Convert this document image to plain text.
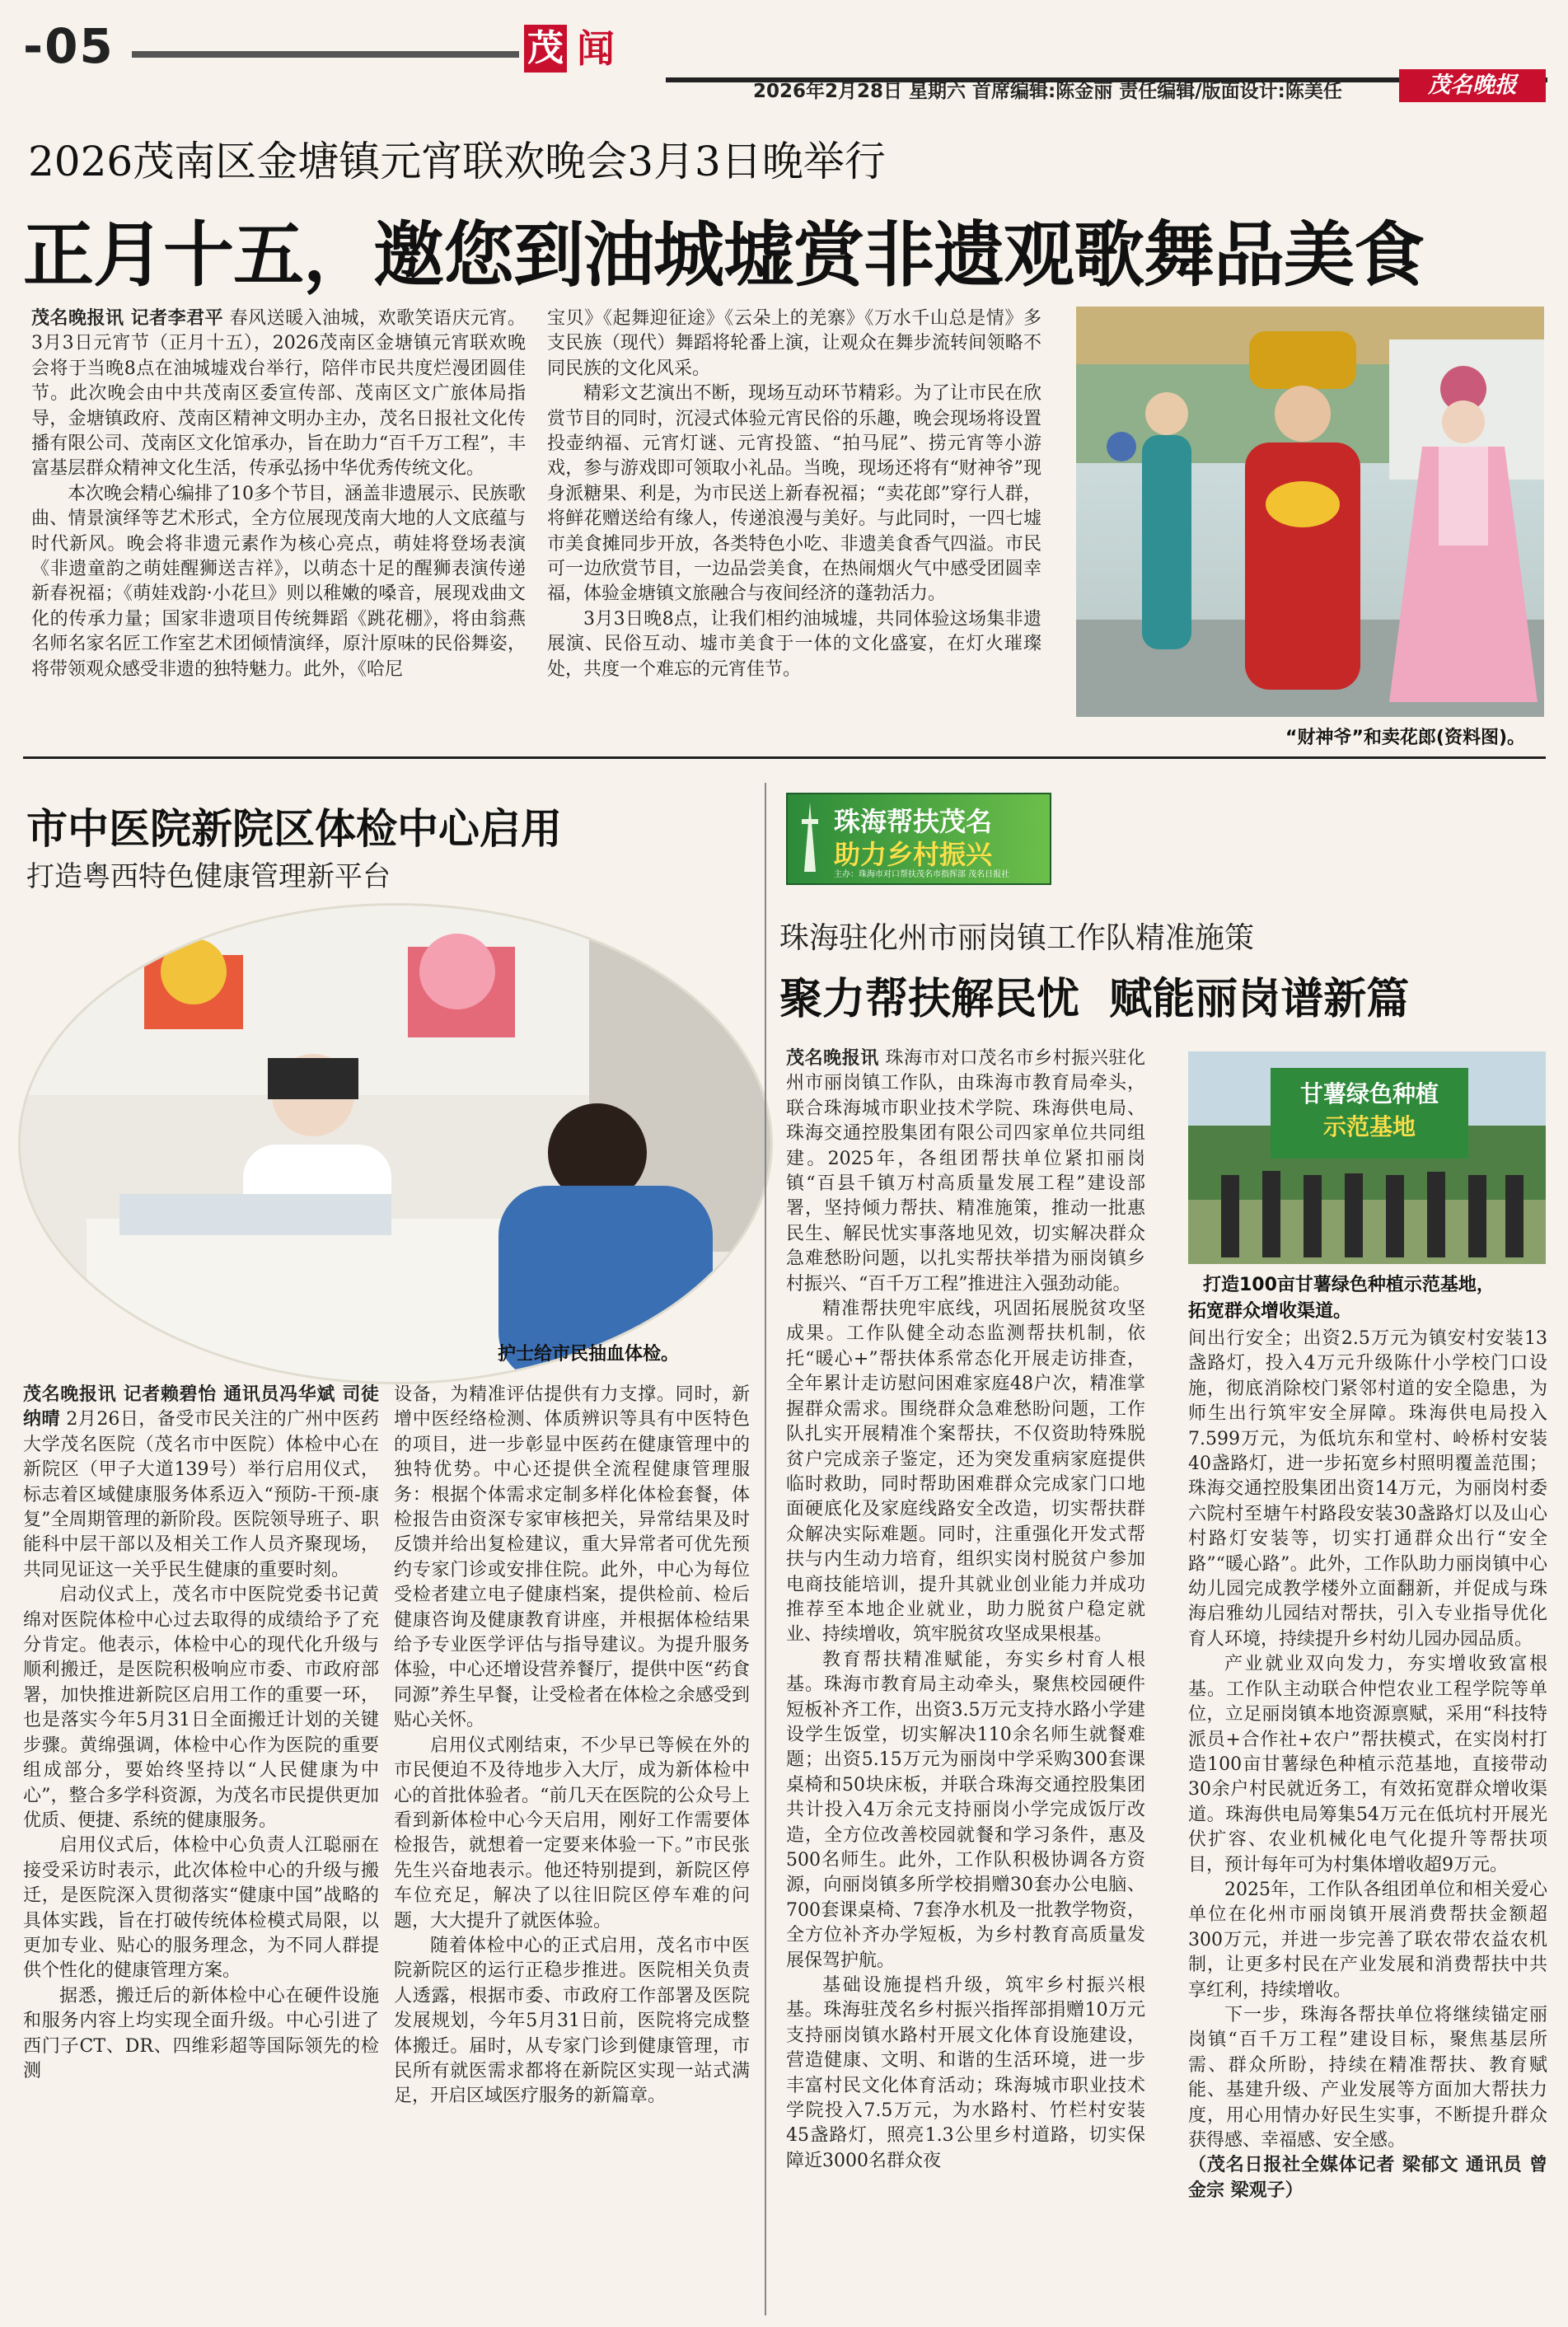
-05	茂 闻
2026年2月28日 星期六 首席编辑:陈金丽 责任编辑/版面设计:陈美任	茂名晚报
2026茂南区金塘镇元宵联欢晚会3月3日晚举行
正月十五，邀您到油城墟赏非遗观歌舞品美食

茂名晚报讯 记者李君平 春风送暖入油城，欢歌笑语庆元宵。3月3日元宵节（正月十五），2026茂南区金塘镇元宵联欢晚会将于当晚8点在油城墟戏台举行，陪伴市民共度烂漫团圆佳节。此次晚会由中共茂南区委宣传部、茂南区文广旅体局指导，金塘镇政府、茂南区精神文明办主办，茂名日报社文化传播有限公司、茂南区文化馆承办，旨在助力“百千万工程”，丰富基层群众精神文化生活，传承弘扬中华优秀传统文化。

本次晚会精心编排了10多个节目，涵盖非遗展示、民族歌曲、情景演绎等艺术形式，全方位展现茂南大地的人文底蕴与时代新风。晚会将非遗元素作为核心亮点，萌娃将登场表演《非遗童韵之萌娃醒狮送吉祥》，以萌态十足的醒狮表演传递新春祝福；《萌娃戏韵·小花旦》则以稚嫩的嗓音，展现戏曲文化的传承力量；国家非遗项目传统舞蹈《跳花棚》，将由翁燕名师名家名匠工作室艺术团倾情演绎，原汁原味的民俗舞姿，将带领观众感受非遗的独特魅力。此外，《哈尼

宝贝》《起舞迎征途》《云朵上的羌寨》《万水千山总是情》多支民族（现代）舞蹈将轮番上演，让观众在舞步流转间领略不同民族的文化风采。

精彩文艺演出不断，现场互动环节精彩。为了让市民在欣赏节目的同时，沉浸式体验元宵民俗的乐趣，晚会现场将设置投壶纳福、元宵灯谜、元宵投篮、“拍马屁”、捞元宵等小游戏，参与游戏即可领取小礼品。当晚，现场还将有“财神爷”现身派糖果、利是，为市民送上新春祝福；“卖花郎”穿行人群，将鲜花赠送给有缘人，传递浪漫与美好。与此同时，一四七墟市美食摊同步开放，各类特色小吃、非遗美食香气四溢。市民可一边欣赏节目，一边品尝美食，在热闹烟火气中感受团圆幸福，体验金塘镇文旅融合与夜间经济的蓬勃活力。

3月3日晚8点，让我们相约油城墟，共同体验这场集非遗展演、民俗互动、墟市美食于一体的文化盛宴，在灯火璀璨处，共度一个难忘的元宵佳节。

“财神爷”和卖花郎(资料图)。
市中医院新院区体检中心启用
打造粤西特色健康管理新平台
护士给市民抽血体检。

茂名晚报讯 记者赖碧怡 通讯员冯华斌 司徒纳晴 2月26日，备受市民关注的广州中医药大学茂名医院（茂名市中医院）体检中心在新院区（甲子大道139号）举行启用仪式，标志着区域健康服务体系迈入“预防-干预-康复”全周期管理的新阶段。医院领导班子、职能科中层干部以及相关工作人员齐聚现场，共同见证这一关乎民生健康的重要时刻。

启动仪式上，茂名市中医院党委书记黄绵对医院体检中心过去取得的成绩给予了充分肯定。他表示，体检中心的现代化升级与顺利搬迁，是医院积极响应市委、市政府部署，加快推进新院区启用工作的重要一环，也是落实今年5月31日全面搬迁计划的关键步骤。黄绵强调，体检中心作为医院的重要组成部分，要始终坚持以“人民健康为中心”，整合多学科资源，为茂名市民提供更加优质、便捷、系统的健康服务。

启用仪式后，体检中心负责人江聪丽在接受采访时表示，此次体检中心的升级与搬迁，是医院深入贯彻落实“健康中国”战略的具体实践，旨在打破传统体检模式局限，以更加专业、贴心的服务理念，为不同人群提供个性化的健康管理方案。

据悉，搬迁后的新体检中心在硬件设施和服务内容上均实现全面升级。中心引进了西门子CT、DR、四维彩超等国际领先的检测

设备，为精准评估提供有力支撑。同时，新增中医经络检测、体质辨识等具有中医特色的项目，进一步彰显中医药在健康管理中的独特优势。中心还提供全流程健康管理服务：根据个体需求定制多样化体检套餐，体检报告由资深专家审核把关，异常结果及时反馈并给出复检建议，重大异常者可优先预约专家门诊或安排住院。此外，中心为每位受检者建立电子健康档案，提供检前、检后健康咨询及健康教育讲座，并根据体检结果给予专业医学评估与指导建议。为提升服务体验，中心还增设营养餐厅，提供中医“药食同源”养生早餐，让受检者在体检之余感受到贴心关怀。

启用仪式刚结束，不少早已等候在外的市民便迫不及待地步入大厅，成为新体检中心的首批体验者。“前几天在医院的公众号上看到新体检中心今天启用，刚好工作需要体检报告，就想着一定要来体验一下。”市民张先生兴奋地表示。他还特别提到，新院区停车位充足，解决了以往旧院区停车难的问题，大大提升了就医体验。

随着体检中心的正式启用，茂名市中医院新院区的运行正稳步推进。医院相关负责人透露，根据市委、市政府工作部署及医院发展规划，今年5月31日前，医院将完成整体搬迁。届时，从专家门诊到健康管理，市民所有就医需求都将在新院区实现一站式满足，开启区域医疗服务的新篇章。

珠海帮扶茂名
助力乡村振兴
主办：珠海市对口帮扶茂名市指挥部 茂名日报社
珠海驻化州市丽岗镇工作队精准施策
聚力帮扶解民忧  赋能丽岗谱新篇

茂名晚报讯 珠海市对口茂名市乡村振兴驻化州市丽岗镇工作队，由珠海市教育局牵头，联合珠海城市职业技术学院、珠海供电局、珠海交通控股集团有限公司四家单位共同组建。2025年，各组团帮扶单位紧扣丽岗镇“百县千镇万村高质量发展工程”建设部署，坚持倾力帮扶、精准施策，推动一批惠民生、解民忧实事落地见效，切实解决群众急难愁盼问题，以扎实帮扶举措为丽岗镇乡村振兴、“百千万工程”推进注入强劲动能。

精准帮扶兜牢底线，巩固拓展脱贫攻坚成果。工作队健全动态监测帮扶机制，依托“暖心+”帮扶体系常态化开展走访排查，全年累计走访慰问困难家庭48户次，精准掌握群众需求。围绕群众急难愁盼问题，工作队扎实开展精准个案帮扶，不仅资助特殊脱贫户完成亲子鉴定，还为突发重病家庭提供临时救助，同时帮助困难群众完成家门口地面硬底化及家庭线路安全改造，切实帮扶群众解决实际难题。同时，注重强化开发式帮扶与内生动力培育，组织实岗村脱贫户参加电商技能培训，提升其就业创业能力并成功推荐至本地企业就业，助力脱贫户稳定就业、持续增收，筑牢脱贫攻坚成果根基。

教育帮扶精准赋能，夯实乡村育人根基。珠海市教育局主动牵头，聚焦校园硬件短板补齐工作，出资3.5万元支持水路小学建设学生饭堂，切实解决110余名师生就餐难题；出资5.15万元为丽岗中学采购300套课桌椅和50块床板，并联合珠海交通控股集团共计投入4万余元支持丽岗小学完成饭厅改造，全方位改善校园就餐和学习条件，惠及500名师生。此外，工作队积极协调各方资源，向丽岗镇多所学校捐赠30套办公电脑、700套课桌椅、7套净水机及一批教学物资，全方位补齐办学短板，为乡村教育高质量发展保驾护航。

基础设施提档升级，筑牢乡村振兴根基。珠海驻茂名乡村振兴指挥部捐赠10万元支持丽岗镇水路村开展文化体育设施建设，营造健康、文明、和谐的生活环境，进一步丰富村民文化体育活动；珠海城市职业技术学院投入7.5万元，为水路村、竹栏村安装45盏路灯，照亮1.3公里乡村道路，切实保障近3000名群众夜

甘薯绿色种植
示范基地
打造100亩甘薯绿色种植示范基地，
拓宽群众增收渠道。

间出行安全；出资2.5万元为镇安村安装13盏路灯，投入4万元升级陈什小学校门口设施，彻底消除校门紧邻村道的安全隐患，为师生出行筑牢安全屏障。珠海供电局投入7.599万元，为低坑东和堂村、岭桥村安装40盏路灯，进一步拓宽乡村照明覆盖范围；珠海交通控股集团出资14万元，为丽岗村委六院村至塘午村路段安装30盏路灯以及山心村路灯安装等，切实打通群众出行“安全路”“暖心路”。此外，工作队助力丽岗镇中心幼儿园完成教学楼外立面翻新，并促成与珠海启雅幼儿园结对帮扶，引入专业指导优化育人环境，持续提升乡村幼儿园办园品质。

产业就业双向发力，夯实增收致富根基。工作队主动联合仲恺农业工程学院等单位，立足丽岗镇本地资源禀赋，采用“科技特派员+合作社+农户”帮扶模式，在实岗村打造100亩甘薯绿色种植示范基地，直接带动30余户村民就近务工，有效拓宽群众增收渠道。珠海供电局筹集54万元在低坑村开展光伏扩容、农业机械化电气化提升等帮扶项目，预计每年可为村集体增收超9万元。

2025年，工作队各组团单位和相关爱心单位在化州市丽岗镇开展消费帮扶金额超300万元，并进一步完善了联农带农益农机制，让更多村民在产业发展和消费帮扶中共享红利，持续增收。

下一步，珠海各帮扶单位将继续锚定丽岗镇“百千万工程”建设目标，聚焦基层所需、群众所盼，持续在精准帮扶、教育赋能、基建升级、产业发展等方面加大帮扶力度，用心用情办好民生实事，不断提升群众获得感、幸福感、安全感。

（茂名日报社全媒体记者 梁郁文 通讯员 曾金宗 梁观子）
